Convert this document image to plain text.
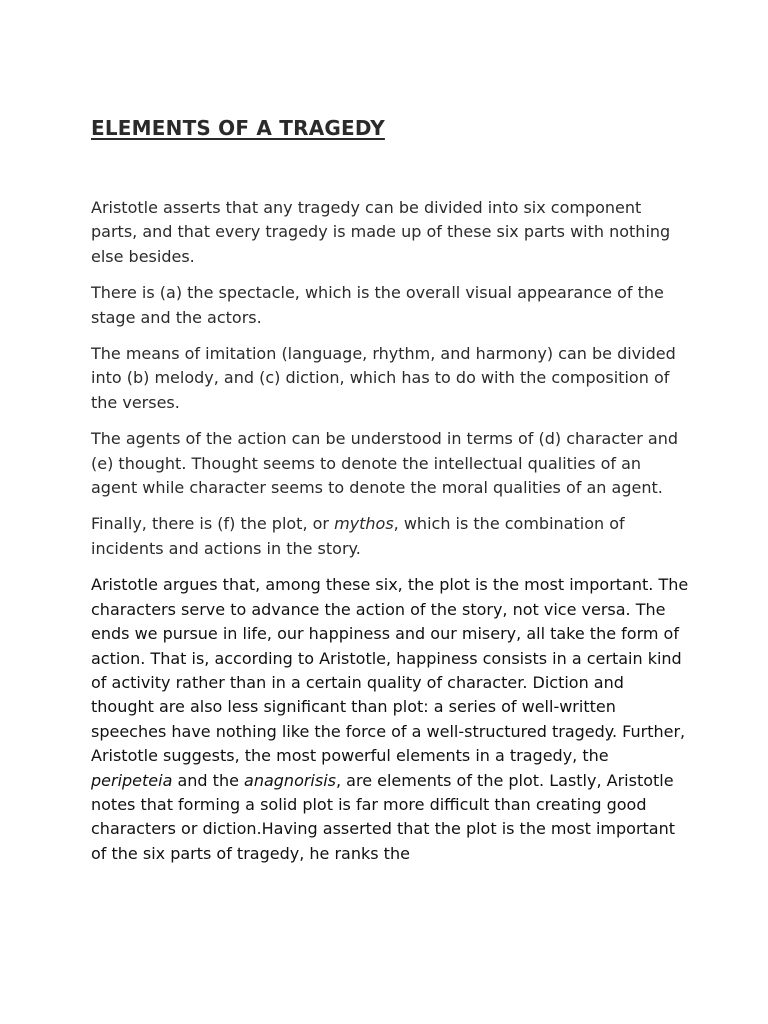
ELEMENTS OF A TRAGEDY

Aristotle asserts that any tragedy can be divided into six component parts, and that every tragedy is made up of these six parts with nothing else besides.

There is (a) the spectacle, which is the overall visual appearance of the stage and the actors.

The means of imitation (language, rhythm, and harmony) can be divided into (b) melody, and (c) diction, which has to do with the composition of the verses.

The agents of the action can be understood in terms of (d) character and (e) thought. Thought seems to denote the intellectual qualities of an agent while character seems to denote the moral qualities of an agent.

Finally, there is (f) the plot, or mythos, which is the combination of incidents and actions in the story.

Aristotle argues that, among these six, the plot is the most important. The characters serve to advance the action of the story, not vice versa. The ends we pursue in life, our happiness and our misery, all take the form of action. That is, according to Aristotle, happiness consists in a certain kind of activity rather than in a certain quality of character. Diction and thought are also less significant than plot: a series of well-written speeches have nothing like the force of a well-structured tragedy. Further, Aristotle suggests, the most powerful elements in a tragedy, the peripeteia and the anagnorisis, are elements of the plot. Lastly, Aristotle notes that forming a solid plot is far more difficult than creating good characters or diction.Having asserted that the plot is the most important of the six parts of tragedy, he ranks the
